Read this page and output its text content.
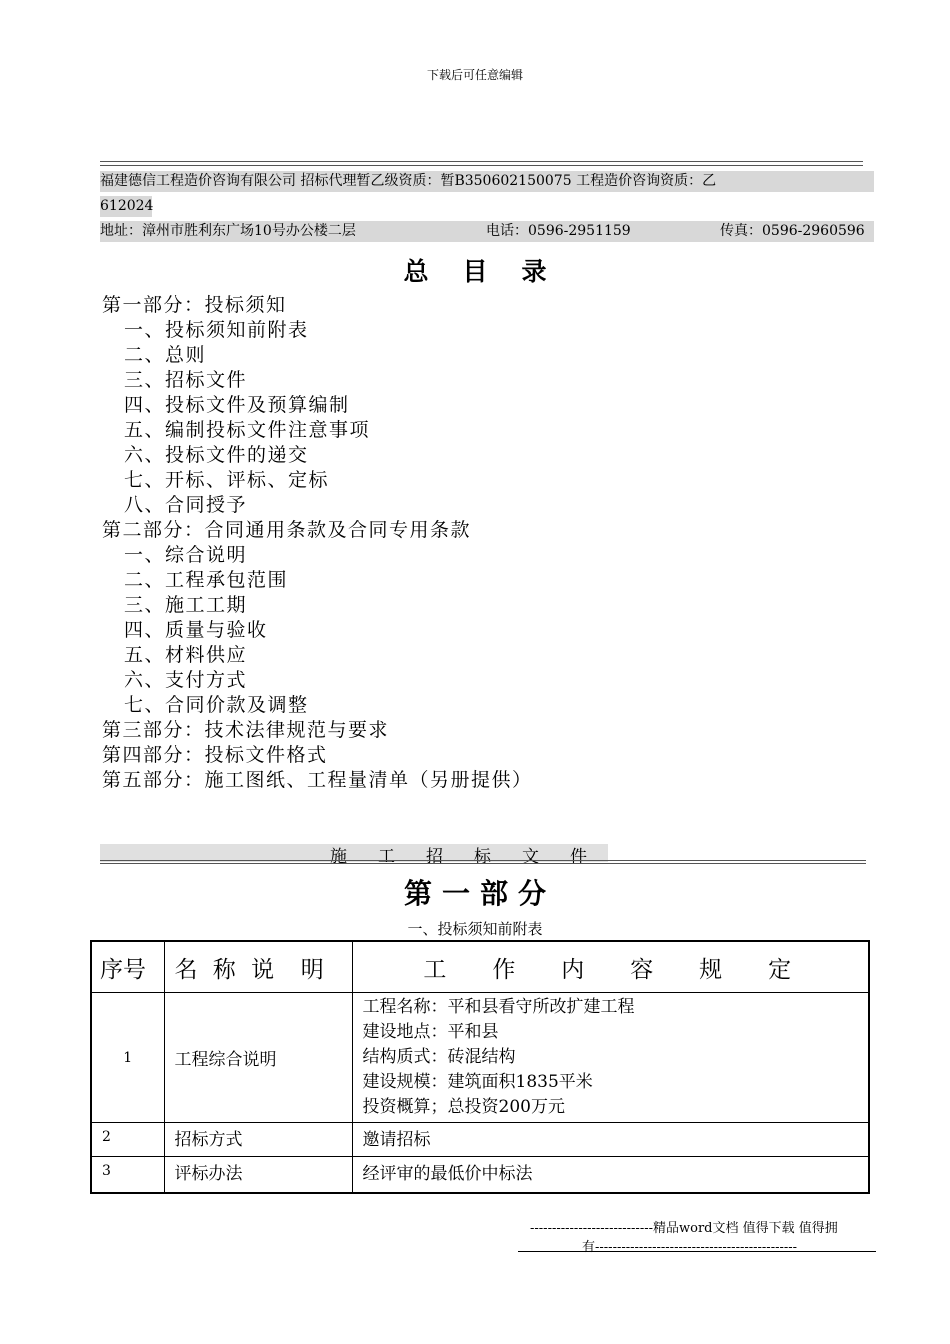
下载后可任意编辑
福建德信工程造价咨询有限公司 招标代理暂乙级资质：暂B350602150075 工程造价咨询资质：乙
612024
地址：漳州市胜利东广场10号办公楼二层	电话：0596-2951159	传真：0596-2960596
总目录
第一部分：投标须知
一、投标须知前附表
二、总则
三、招标文件
四、投标文件及预算编制
五、编制投标文件注意事项
六、投标文件的递交
七、开标、评标、定标
八、合同授予
第二部分：合同通用条款及合同专用条款
一、综合说明
二、工程承包范围
三、施工工期
四、质量与验收
五、材料供应
六、支付方式
七、合同价款及调整
第三部分：技术法律规范与要求
第四部分：投标文件格式
第五部分：施工图纸、工程量清单（另册提供）
施工招标文件
第一部分
一、投标须知前附表
序号	名 称 说  明	工   作   内   容   规   定
1	工程综合说明	工程名称：平和县看守所改扩建工程
建设地点：平和县
结构质式：砖混结构
建设规模：建筑面积1835平米
投资概算；总投资200万元

2	招标方式	邀请招标
3	评标办法	经评审的最低价中标法
----------------------------精品word文档 值得下载 值得拥
有----------------------------------------------
